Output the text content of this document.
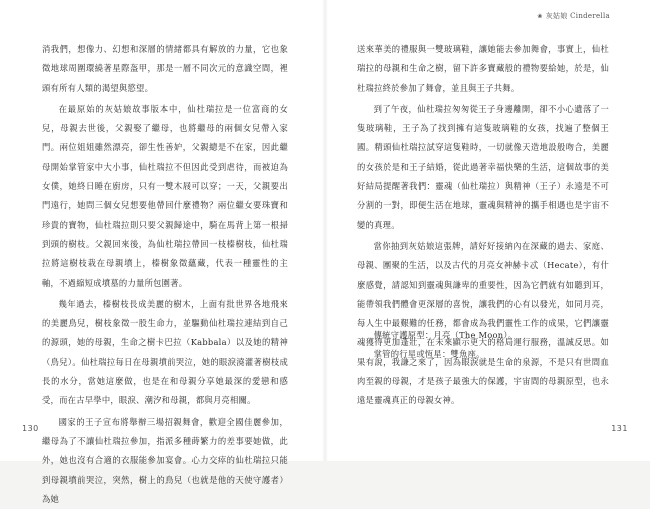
消我們，想像力、幻想和深層的情緒都具有解放的力量，它也象徵地球周圍環繞著星際盔甲，那是一層不同次元的意識空間，裡頭有所有人類的渴望與慾望。

在最原始的灰姑娘故事版本中，仙杜瑞拉是一位富商的女兒，母親去世後，父親娶了繼母，也將繼母的兩個女兒帶入家門。兩位姐姐雖然漂亮，卻生性善妒，父親總是不在家，因此繼母開始掌管家中大小事，仙杜瑞拉不但因此受到虐待，而被迫為女僕，她終日睡在廚房，只有一雙木屐可以穿；一天，父親要出門遠行，她問三個女兒想要他帶回什麼禮物？兩位繼女要珠寶和珍貴的寶物，仙杜瑞拉則只要父親歸途中，騎在馬背上第一根掃到頭的樹枝。父親回來後，為仙杜瑞拉帶回一枝榛樹枝，仙杜瑞拉將這樹枝栽在母親墳上，榛樹象徵蘊藏，代表一種靈性的主軸，不過縮短成墳墓的力量所包圍著。

幾年過去，榛樹枝長成美麗的樹木，上面有批世界各地飛來的美麗鳥兒，樹枝象徵一股生命力，並驅動仙杜瑞拉連結到自己的源頭，她的母親，生命之樹卡巴拉（Kabbala）以及她的精神（鳥兒）。仙杜瑞拉每日在母親墳前哭泣，她的眼淚澆灌著樹枝成長的水分，當她這麼做，也是在和母親分享她最深的愛戀和感受，而在古早學中，眼淚、潮汐和母親，都與月亮相關。

國家的王子宣布將舉辦三場招親舞會，歡迎全國佳麗參加，繼母為了不讓仙杜瑞拉參加，指派多種蒔繁力的差事要她做，此外，她也沒有合適的衣服能參加宴會。心力交瘁的仙杜瑞拉只能到母親墳前哭泣，突然，樹上的鳥兒（也就是他的天使守護者）為她

130
❀ 灰姑娘 Cinderella

送來華美的禮服與一雙玻璃鞋，讓她能去參加舞會，事實上，仙杜瑞拉的母親和生命之樹，留下許多寶藏般的禮物要給她，於是，仙杜瑞拉終於參加了舞會，並且與王子共舞。

到了午夜，仙杜瑞拉匆匆從王子身邊離開，卻不小心遺落了一隻玻璃鞋，王子為了找到擁有這隻玻璃鞋的女孩，找遍了整個王國。精頭仙杜瑞拉試穿這隻鞋時，一切就像天造地設般吻合，美麗的女孩於是和王子結婚，從此過著幸福快樂的生活，這個故事的美好結局提醒著我們：靈魂（仙杜瑞拉）與精神（王子）永遠是不可分割的一對，即便生活在地球，靈魂與精神的攜手相遇也是宇宙不變的真理。

當你抽到灰姑娘這張牌，請好好接納內在深藏的過去、家庭、母親、團聚的生活，以及古代的月亮女神赫卡忒（Hecate），有什麼感覺，請認知到靈魂與謙卑的重要性，因為它們就有如聽到耳，能帶領我們體會更深層的喜悅，讓我們的心有以發光，如同月亮，每人生中最艱難的任務，都會成為我們靈性工作的成果，它們讓靈魂獲得更加蓬壯，在未來顯示更大的格局運行服務，溫誠反思。如果有說，我謙之來了，因為眼淚就是生命的泉源，不是只有世間血肉至親的母親，才是孩子最強大的保護，宇宙間的母親原型，也永遠是靈魂真正的母親女神。

傳統守護原型：月亮（The Moon）。

掌管的行星或恆星：雙魚座。

131
